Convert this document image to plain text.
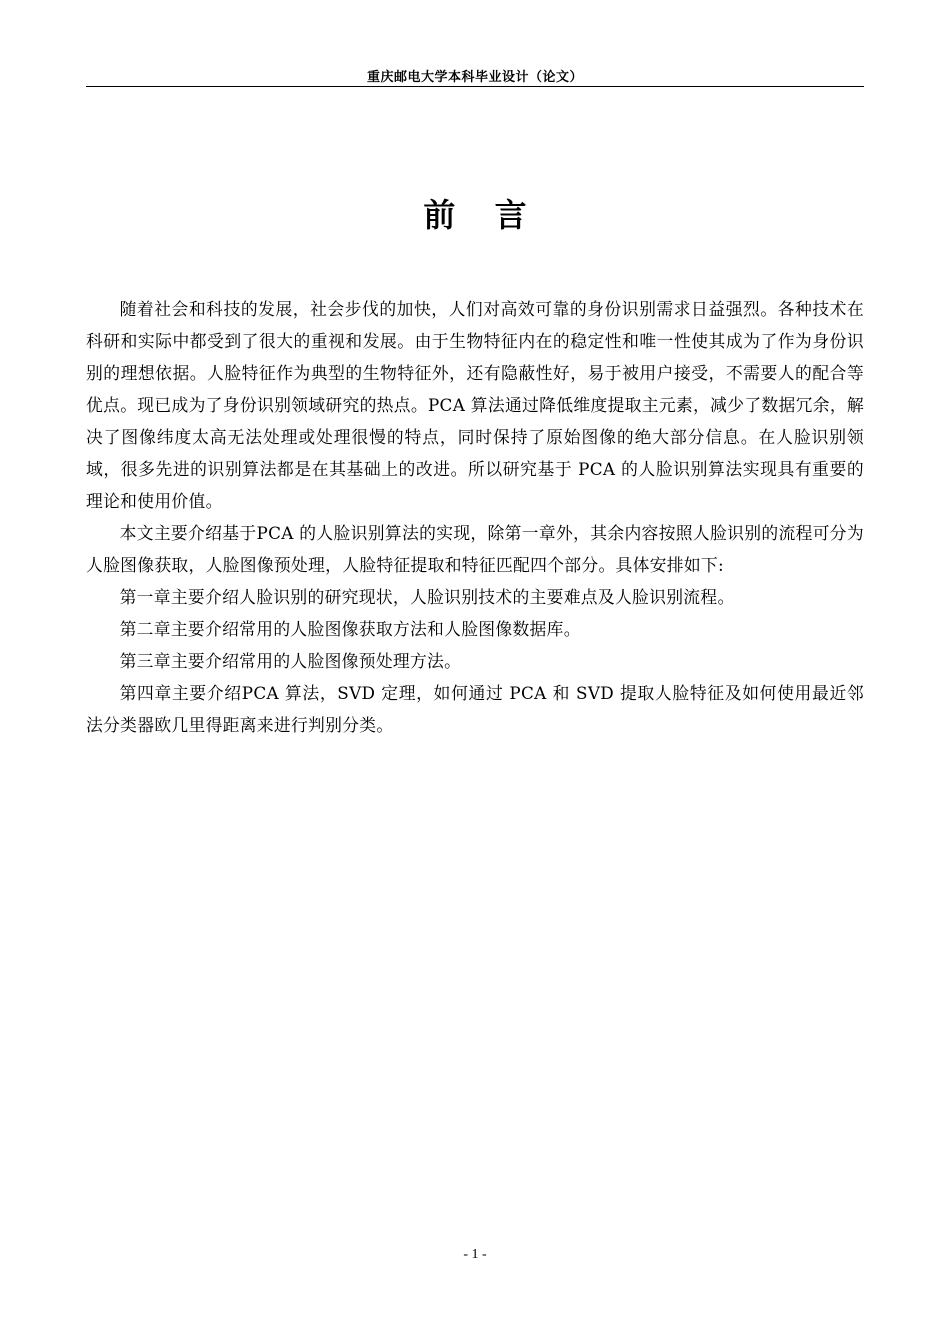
重庆邮电大学本科毕业设计（论文）
前 言

随着社会和科技的发展，社会步伐的加快，人们对高效可靠的身份识别需求日益强烈。各种技术在科研和实际中都受到了很大的重视和发展。由于生物特征内在的稳定性和唯一性使其成为了作为身份识别的理想依据。人脸特征作为典型的生物特征外，还有隐蔽性好，易于被用户接受，不需要人的配合等优点。现已成为了身份识别领域研究的热点。PCA 算法通过降低维度提取主元素，减少了数据冗余，解决了图像纬度太高无法处理或处理很慢的特点，同时保持了原始图像的绝大部分信息。在人脸识别领域，很多先进的识别算法都是在其基础上的改进。所以研究基于 PCA 的人脸识别算法实现具有重要的理论和使用价值。

本文主要介绍基于PCA 的人脸识别算法的实现，除第一章外，其余内容按照人脸识别的流程可分为人脸图像获取，人脸图像预处理，人脸特征提取和特征匹配四个部分。具体安排如下:

第一章主要介绍人脸识别的研究现状，人脸识别技术的主要难点及人脸识别流程。

第二章主要介绍常用的人脸图像获取方法和人脸图像数据库。

第三章主要介绍常用的人脸图像预处理方法。

第四章主要介绍PCA 算法，SVD 定理，如何通过 PCA 和 SVD 提取人脸特征及如何使用最近邻法分类器欧几里得距离来进行判别分类。

- 1 -
